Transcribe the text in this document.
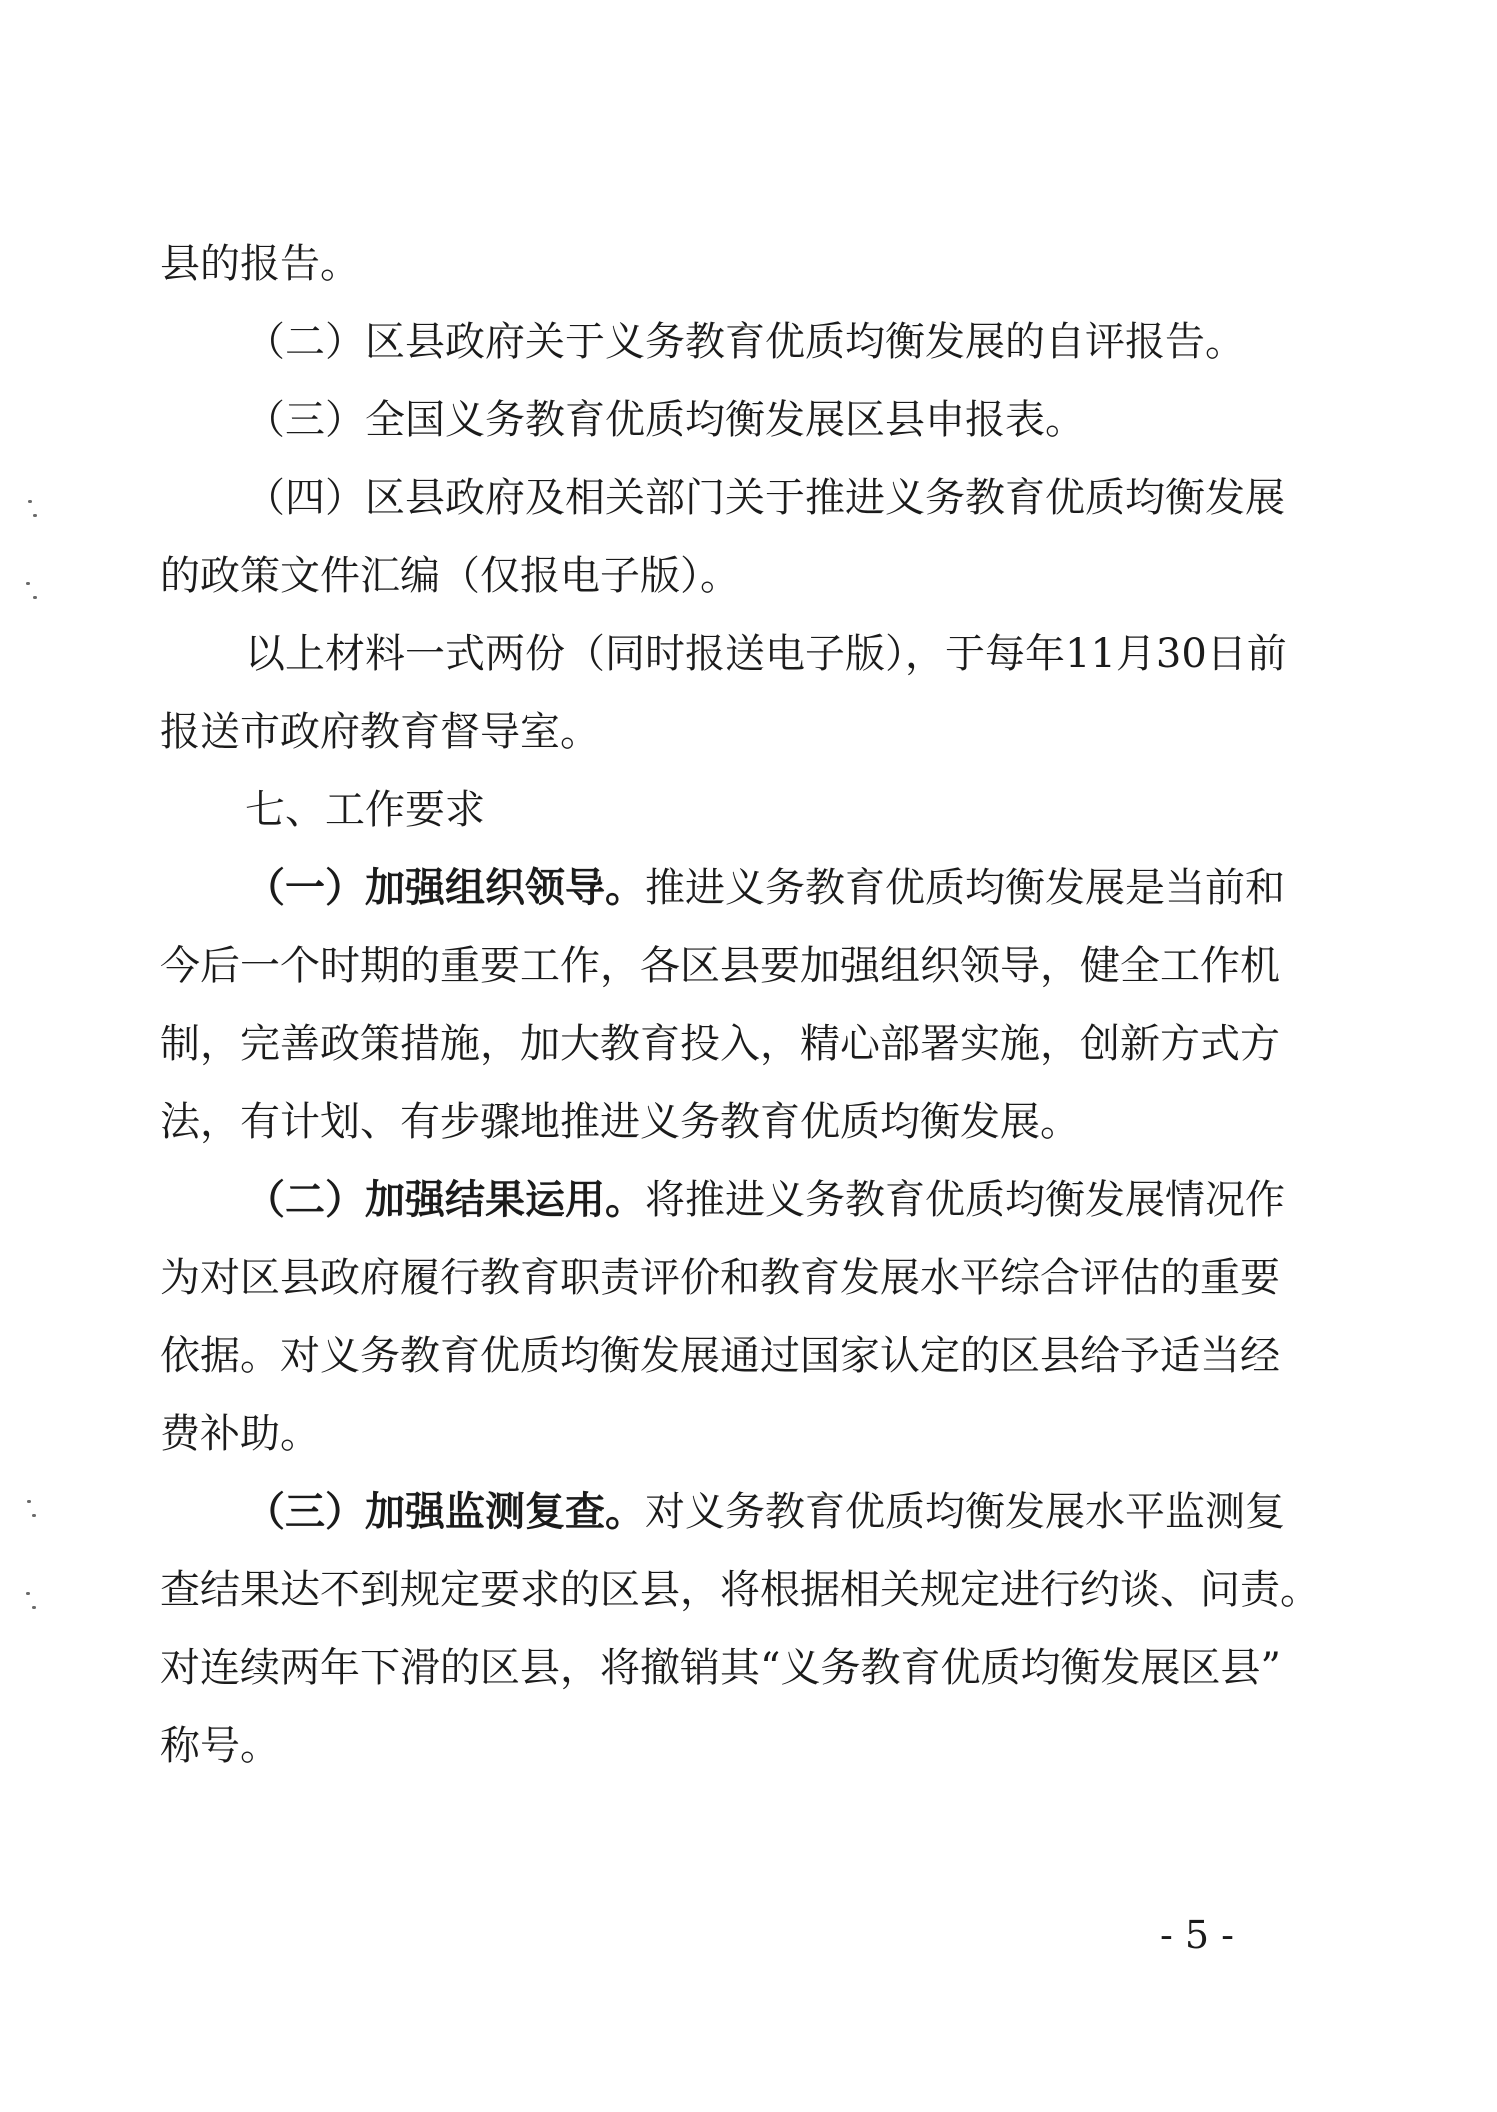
县的报告。
（二）区县政府关于义务教育优质均衡发展的自评报告。
（三）全国义务教育优质均衡发展区县申报表。
（四）区县政府及相关部门关于推进义务教育优质均衡发展
的政策文件汇编（仅报电子版）。
以上材料一式两份（同时报送电子版），于每年11月30日前
报送市政府教育督导室。
七、工作要求
（一）加强组织领导。推进义务教育优质均衡发展是当前和
今后一个时期的重要工作，各区县要加强组织领导，健全工作机
制，完善政策措施，加大教育投入，精心部署实施，创新方式方
法，有计划、有步骤地推进义务教育优质均衡发展。
（二）加强结果运用。将推进义务教育优质均衡发展情况作
为对区县政府履行教育职责评价和教育发展水平综合评估的重要
依据。对义务教育优质均衡发展通过国家认定的区县给予适当经
费补助。
（三）加强监测复查。对义务教育优质均衡发展水平监测复
查结果达不到规定要求的区县，将根据相关规定进行约谈、问责。
对连续两年下滑的区县，将撤销其“义务教育优质均衡发展区县”
称号。
- 5 -
